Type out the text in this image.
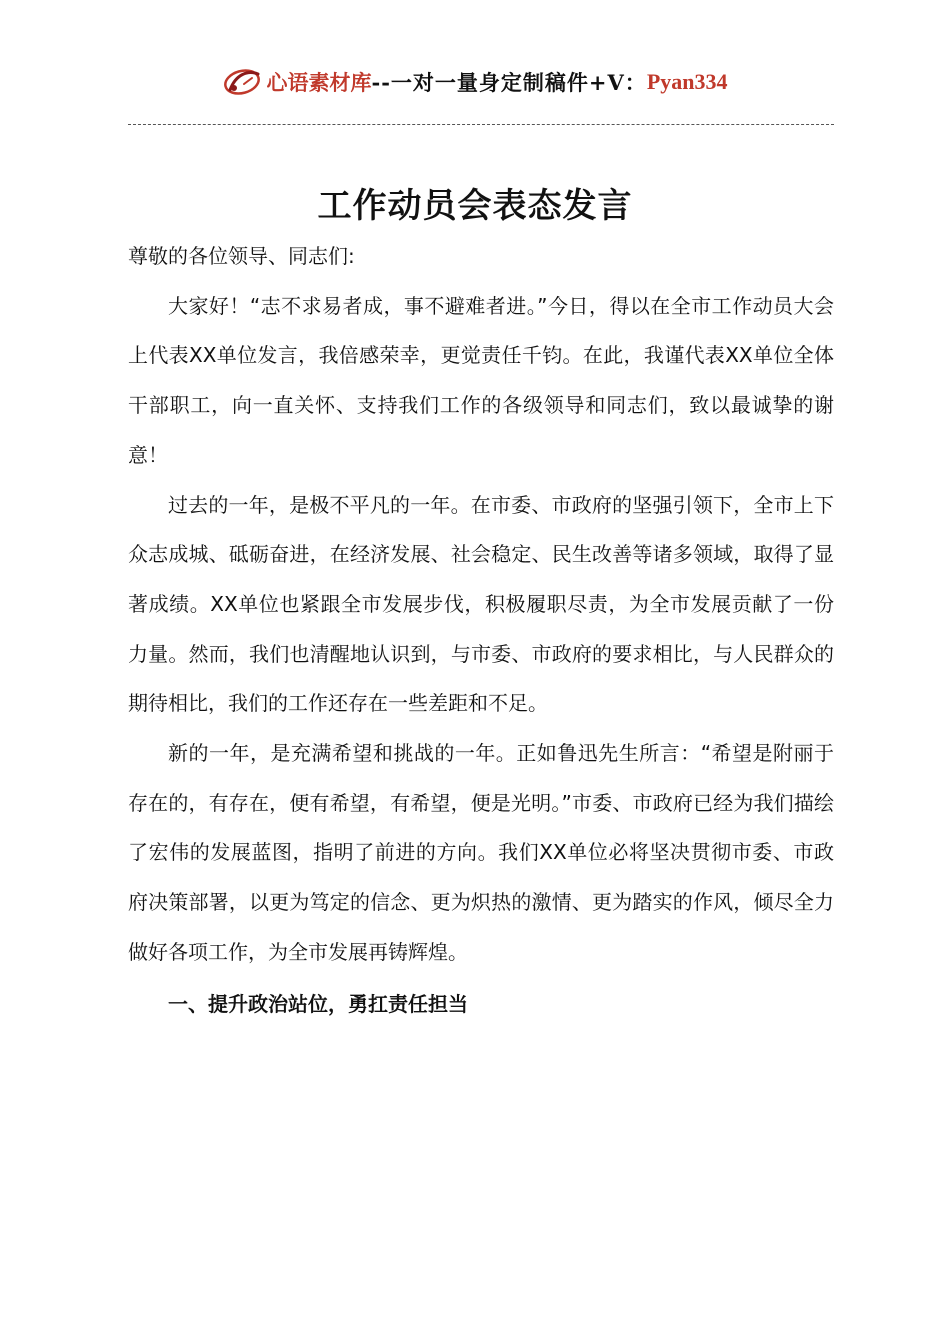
心语素材库 --一对一量身定制稿件+V： Pyan334
工作动员会表态发言

尊敬的各位领导、同志们:

大家好！“志不求易者成，事不避难者进。”今日，得以在全市工作动员大会上代表XX单位发言，我倍感荣幸，更觉责任千钧。在此，我谨代表XX单位全体干部职工，向一直关怀、支持我们工作的各级领导和同志们，致以最诚挚的谢意！

过去的一年，是极不平凡的一年。在市委、市政府的坚强引领下，全市上下众志成城、砥砺奋进，在经济发展、社会稳定、民生改善等诸多领域，取得了显著成绩。XX单位也紧跟全市发展步伐，积极履职尽责，为全市发展贡献了一份力量。然而，我们也清醒地认识到，与市委、市政府的要求相比，与人民群众的期待相比，我们的工作还存在一些差距和不足。

新的一年，是充满希望和挑战的一年。正如鲁迅先生所言：“希望是附丽于存在的，有存在，便有希望，有希望，便是光明。”市委、市政府已经为我们描绘了宏伟的发展蓝图，指明了前进的方向。我们XX单位必将坚决贯彻市委、市政府决策部署，以更为笃定的信念、更为炽热的激情、更为踏实的作风，倾尽全力做好各项工作，为全市发展再铸辉煌。

一、提升政治站位，勇扛责任担当
